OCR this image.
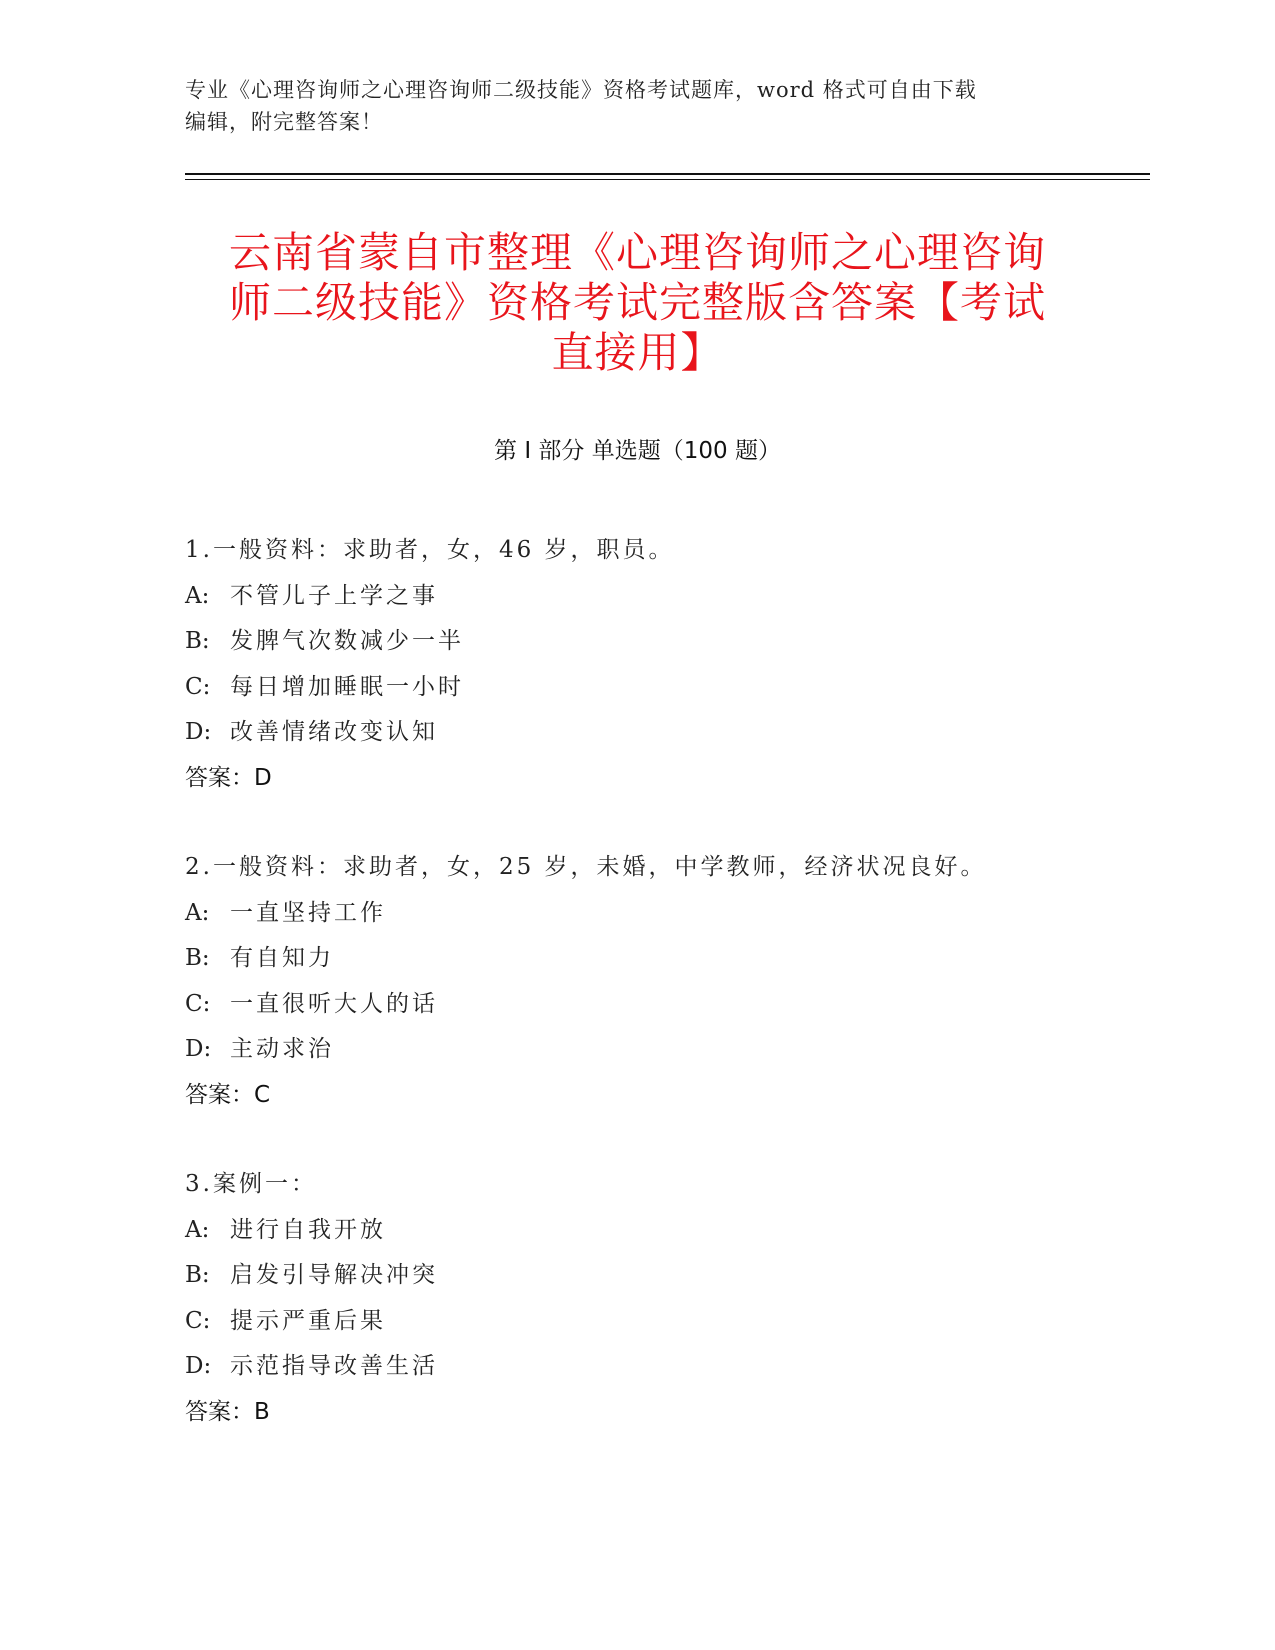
专业《心理咨询师之心理咨询师二级技能》资格考试题库，word 格式可自由下载
编辑，附完整答案！
云南省蒙自市整理《心理咨询师之心理咨询
师二级技能》资格考试完整版含答案【考试
直接用】
第 I 部分 单选题（100 题）
1.一般资料：求助者，女，46 岁，职员。
A: 不管儿子上学之事
B: 发脾气次数减少一半
C: 每日增加睡眠一小时
D: 改善情绪改变认知
答案：D
2.一般资料：求助者，女，25 岁，未婚，中学教师，经济状况良好。
A: 一直坚持工作
B: 有自知力
C: 一直很听大人的话
D: 主动求治
答案：C
3.案例一：
A: 进行自我开放
B: 启发引导解决冲突
C: 提示严重后果
D: 示范指导改善生活
答案：B
